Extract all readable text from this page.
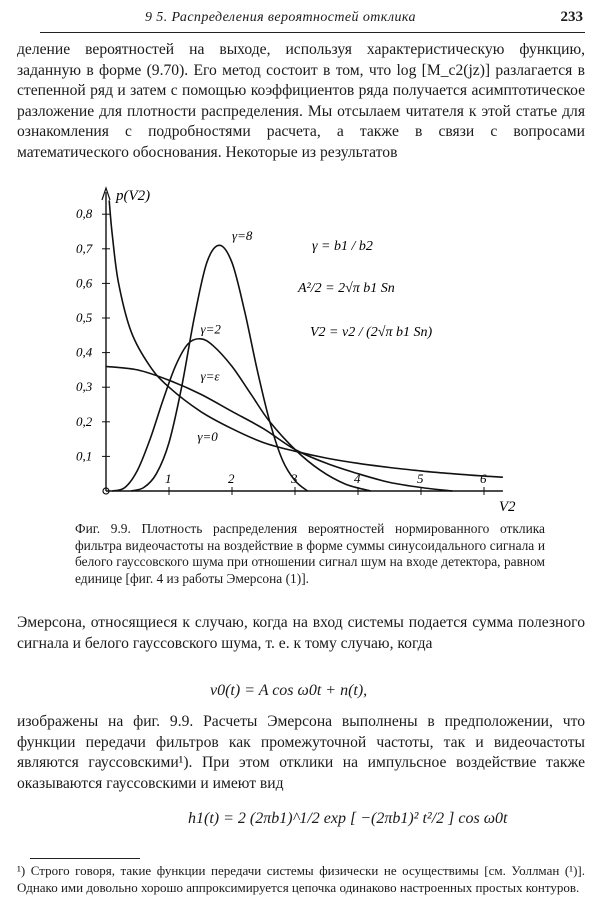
9 5. Распределения вероятностей отклика	233

деление вероятностей на выходе, используя характеристическую функцию, заданную в форме (9.70). Его метод состоит в том, что log [M_c2(jz)] разлагается в степенной ряд и затем с помощью коэффициентов ряда получается асимптотическое разложение для плотности распределения. Мы отсылаем читателя к этой статье для ознакомления с подробностями расчета, а также в связи с вопросами математического обоснования. Некоторые из результатов

p(V2)
V2
1	2	3	4	5	6
0,1
0,2
0,3
0,4
0,5
0,6
0,7
0,8
γ=8
γ=2
γ=ε
γ=0
γ = b1 / b2
A²/2 = 2√π b1 Sn
V2 = v2 / (2√π b1 Sn)

Фиг. 9.9. Плотность распределения вероятностей нормированного отклика фильтра видеочастоты на воздействие в форме суммы синусоидального сигнала и белого гауссовского шума при отношении сигнал шум на входе детектора, равном единице [фиг. 4 из работы Эмерсона (1)].

Эмерсона, относящиеся к случаю, когда на вход системы подается сумма полезного сигнала и белого гауссовского шума, т. е. к тому случаю, когда

v0(t) = A cos ω0t + n(t),

изображены на фиг. 9.9. Расчеты Эмерсона выполнены в предположении, что функции передачи фильтров как промежуточной частоты, так и видеочастоты являются гауссовскими¹). При этом отклики на импульсное воздействие также оказываются гауссовскими и имеют вид

h1(t) = 2 (2πb1)^1/2 exp [ −(2πb1)² t²/2 ] cos ω0t

¹) Строго говоря, такие функции передачи системы физически не осуществимы [см. Уоллман (¹)]. Однако ими довольно хорошо аппроксимируется цепочка одинаково настроенных простых контуров.
